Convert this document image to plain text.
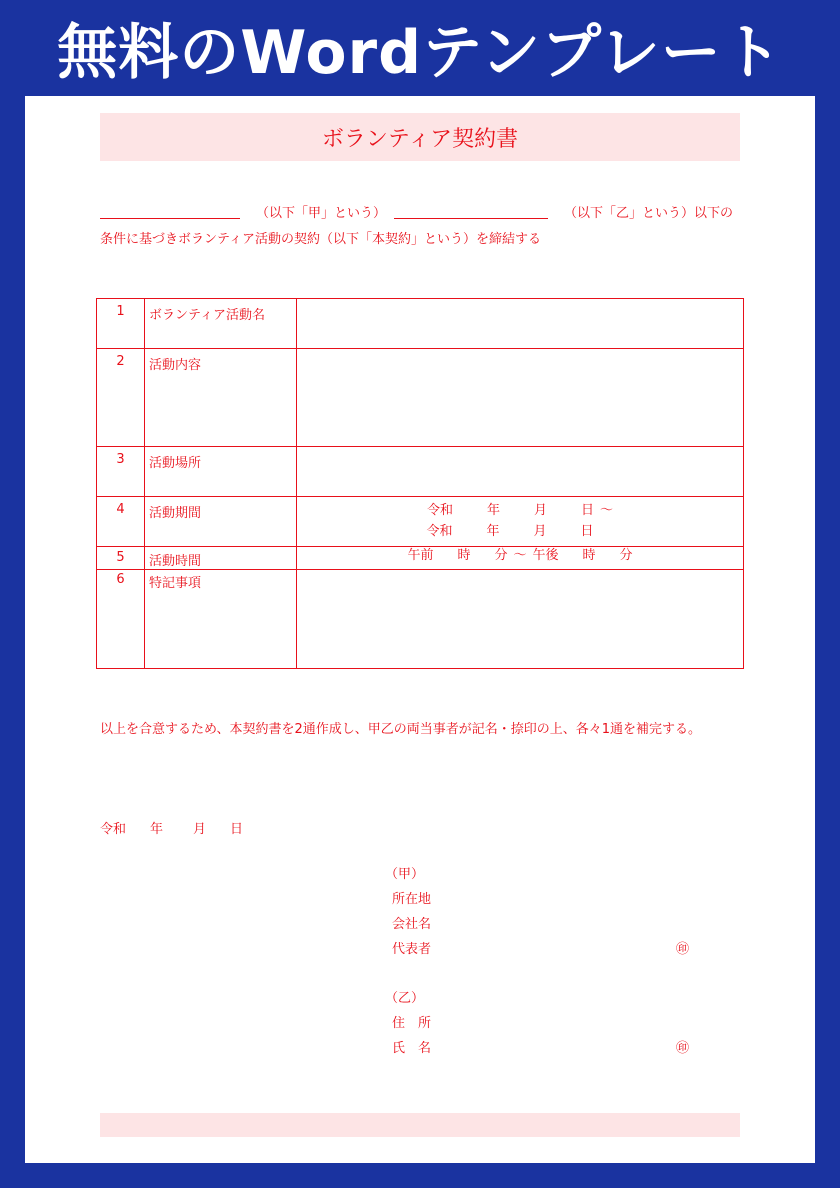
無料のWordテンプレート
ボランティア契約書
（以下「甲」という）	（以下「乙」という）以下の
条件に基づきボランティア活動の契約（以下「本契約」という）を締結する
1	ボランティア活動名	
2	活動内容	
3	活動場所	
4	活動期間	令和 年 月 日 〜
令和 年 月 日

5	活動時間	午前 時 分 〜 午後 時 分

6	特記事項	
以上を合意するため、本契約書を2通作成し、甲乙の両当事者が記名・捺印の上、各々1通を補完する。
令和 年 月 日
（甲）
所在地
会社名
代表者	㊞
（乙）
住　所
氏　名	㊞
